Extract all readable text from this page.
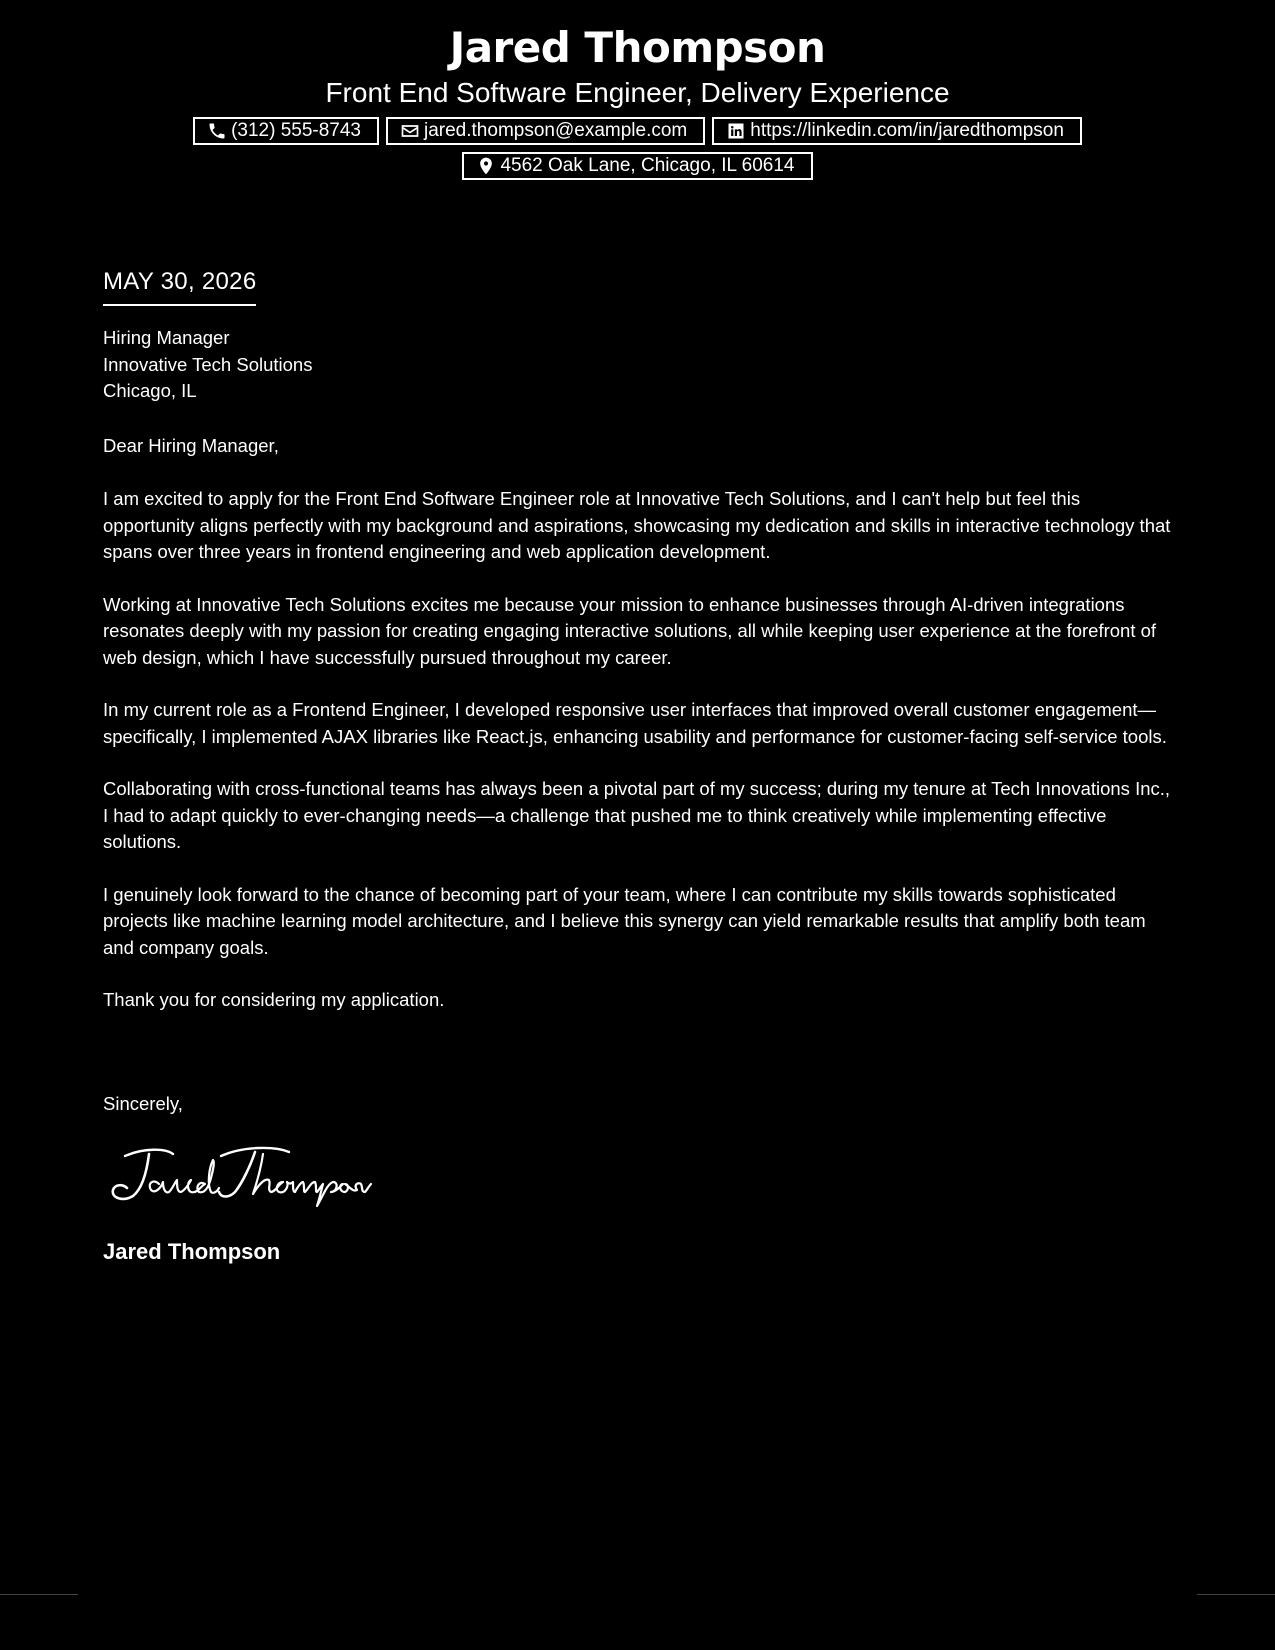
Jared Thompson
Front End Software Engineer, Delivery Experience
(312) 555-8743	jared.thompson@example.com	https://linkedin.com/in/jaredthompson
4562 Oak Lane, Chicago, IL 60614
MAY 30, 2026
Hiring Manager
Innovative Tech Solutions
Chicago, IL
Dear Hiring Manager,

I am excited to apply for the Front End Software Engineer role at Innovative Tech Solutions, and I can't help but feel this opportunity aligns perfectly with my background and aspirations, showcasing my dedication and skills in interactive technology that spans over three years in frontend engineering and web application development.

Working at Innovative Tech Solutions excites me because your mission to enhance businesses through AI-driven integrations resonates deeply with my passion for creating engaging interactive solutions, all while keeping user experience at the forefront of web design, which I have successfully pursued throughout my career.

In my current role as a Frontend Engineer, I developed responsive user interfaces that improved overall customer engagement—specifically, I implemented AJAX libraries like React.js, enhancing usability and performance for customer-facing self-service tools.

Collaborating with cross-functional teams has always been a pivotal part of my success; during my tenure at Tech Innovations Inc., I had to adapt quickly to ever-changing needs—a challenge that pushed me to think creatively while implementing effective solutions.

I genuinely look forward to the chance of becoming part of your team, where I can contribute my skills towards sophisticated projects like machine learning model architecture, and I believe this synergy can yield remarkable results that amplify both team and company goals.

Thank you for considering my application.

Sincerely,
Jared Thompson
